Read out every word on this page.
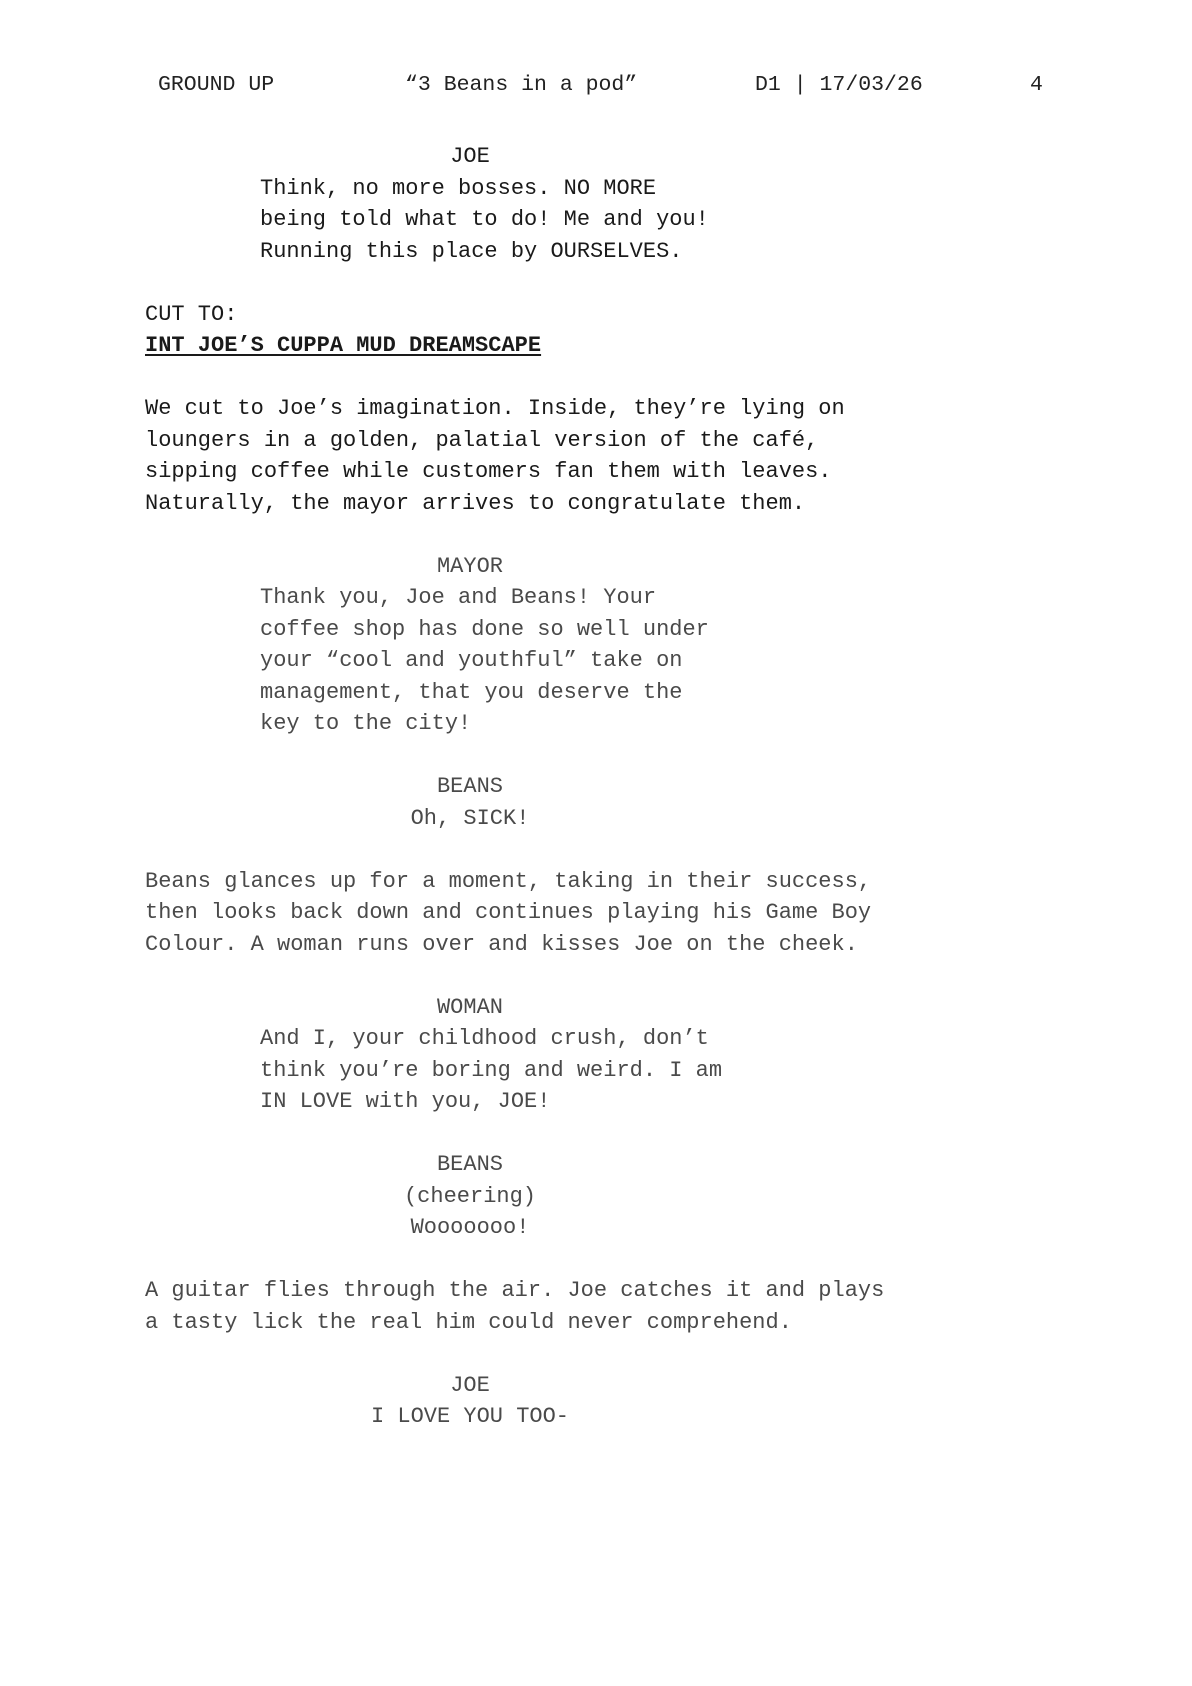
GROUND UP	“3 Beans in a pod”	D1 | 17/03/26	4

JOE

Think, no more bosses. NO MORE
being told what to do! Me and you!
Running this place by OURSELVES.

CUT TO:

INT JOE’S CUPPA MUD DREAMSCAPE

We cut to Joe’s imagination. Inside, they’re lying on
loungers in a golden, palatial version of the café,
sipping coffee while customers fan them with leaves.
Naturally, the mayor arrives to congratulate them.

MAYOR

Thank you, Joe and Beans! Your
coffee shop has done so well under
your “cool and youthful” take on
management, that you deserve the
key to the city!

BEANS

Oh, SICK!

Beans glances up for a moment, taking in their success,
then looks back down and continues playing his Game Boy
Colour. A woman runs over and kisses Joe on the cheek.

WOMAN

And I, your childhood crush, don’t
think you’re boring and weird. I am
IN LOVE with you, JOE!

BEANS

(cheering)

Wooooooo!

A guitar flies through the air. Joe catches it and plays
a tasty lick the real him could never comprehend.

JOE

I LOVE YOU TOO-
